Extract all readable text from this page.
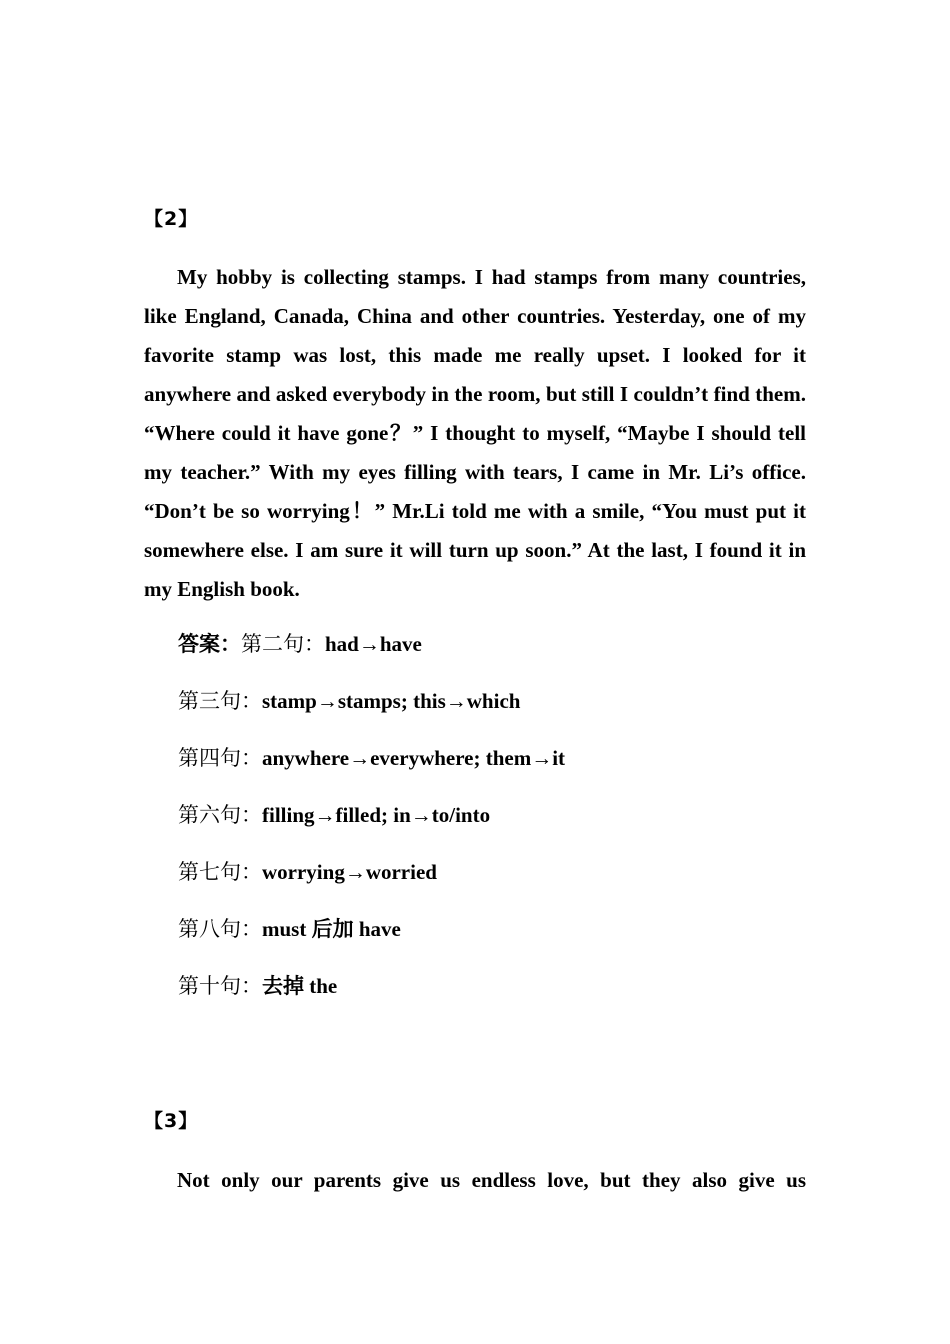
【2】

My hobby is collecting stamps. I had stamps from many countries, like England, Canada, China and other countries. Yesterday, one of my favorite stamp was lost, this made me really upset. I looked for it anywhere and asked everybody in the room, but still I couldn’t find them. “Where could it have gone？” I thought to myself, “Maybe I should tell my teacher.” With my eyes filling with tears, I came in Mr. Li’s office. “Don’t be so worrying！” Mr.Li told me with a smile, “You must put it somewhere else. I am sure it will turn up soon.” At the last, I found it in my English book.

答案：第二句：had→have
第三句：stamp→stamps; this→which
第四句：anywhere→everywhere; them→it
第六句：filling→filled; in→to/into
第七句：worrying→worried
第八句：must 后加 have
第十句：去掉 the
【3】

Not only our parents give us endless love, but they also give us
